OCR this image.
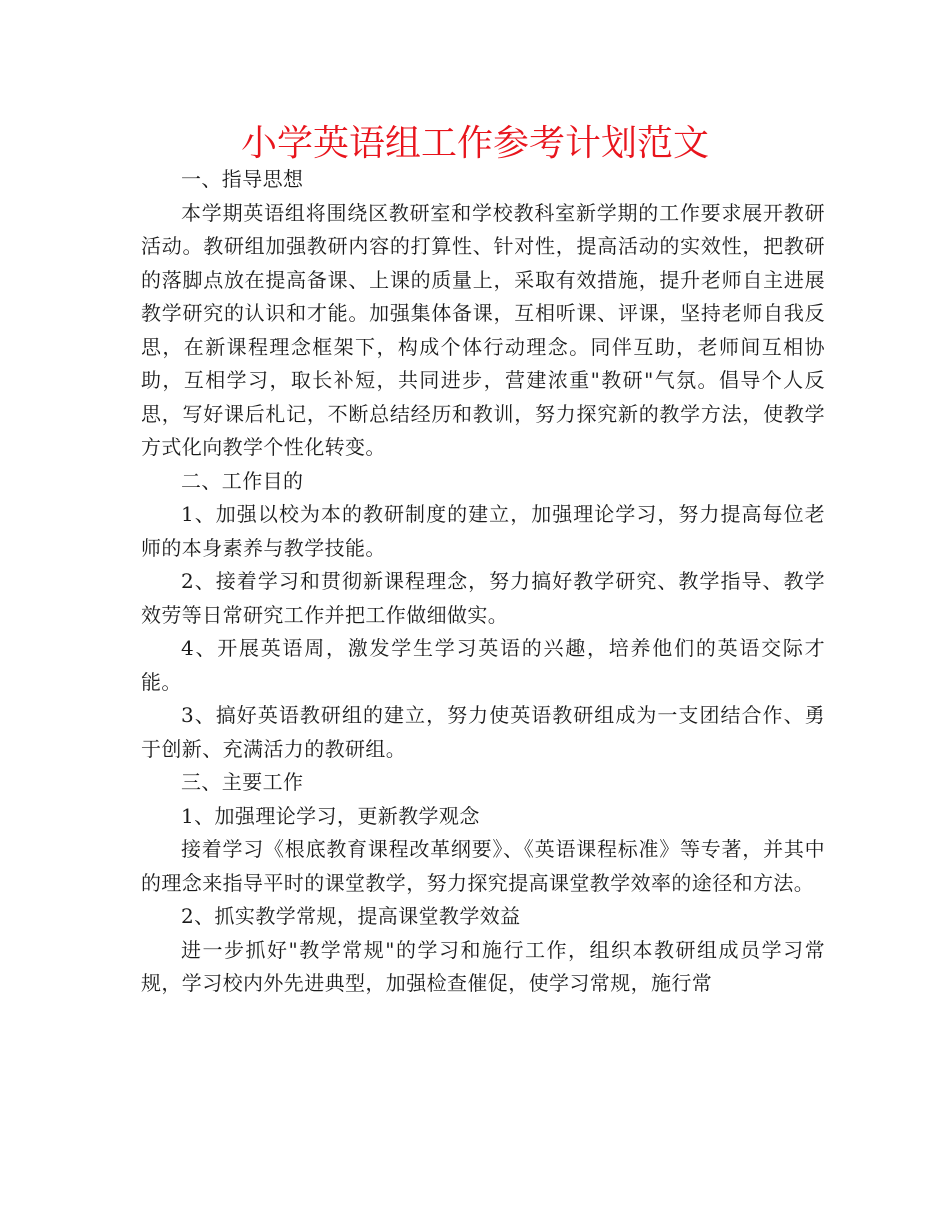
小学英语组工作参考计划范文

一、指导思想

本学期英语组将围绕区教研室和学校教科室新学期的工作要求展开教研活动。教研组加强教研内容的打算性、针对性，提高活动的实效性，把教研的落脚点放在提高备课、上课的质量上，采取有效措施，提升老师自主进展教学研究的认识和才能。加强集体备课，互相听课、评课，坚持老师自我反思，在新课程理念框架下，构成个体行动理念。同伴互助，老师间互相协助，互相学习，取长补短，共同进步，营建浓重"教研"气氛。倡导个人反思，写好课后札记，不断总结经历和教训，努力探究新的教学方法，使教学方式化向教学个性化转变。

二、工作目的

1、加强以校为本的教研制度的建立，加强理论学习，努力提高每位老师的本身素养与教学技能。

2、接着学习和贯彻新课程理念，努力搞好教学研究、教学指导、教学效劳等日常研究工作并把工作做细做实。

4、开展英语周，激发学生学习英语的兴趣，培养他们的英语交际才能。

3、搞好英语教研组的建立，努力使英语教研组成为一支团结合作、勇于创新、充满活力的教研组。

三、主要工作

1、加强理论学习，更新教学观念

接着学习《根底教育课程改革纲要》、《英语课程标准》等专著，并其中的理念来指导平时的课堂教学，努力探究提高课堂教学效率的途径和方法。

2、抓实教学常规，提高课堂教学效益

进一步抓好"教学常规"的学习和施行工作，组织本教研组成员学习常规，学习校内外先进典型，加强检查催促，使学习常规，施行常
